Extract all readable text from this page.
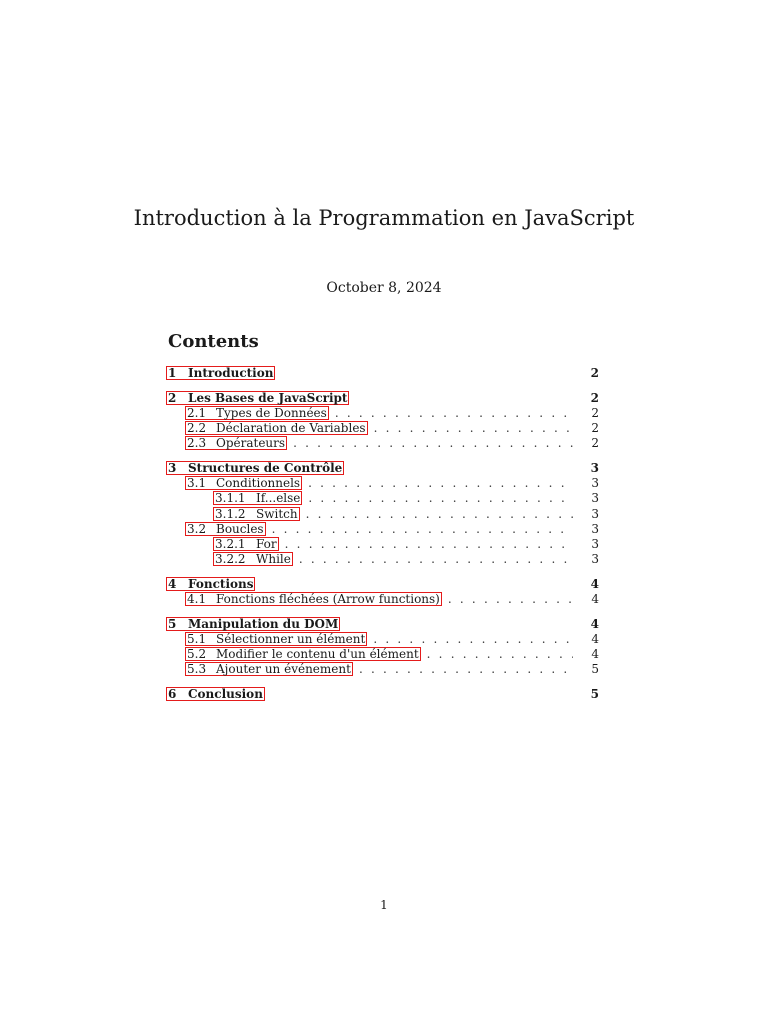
Introduction à la Programmation en JavaScript
October 8, 2024
Contents
1 Introduction	2
2 Les Bases de JavaScript	2
2.1 Types de Données . . .	2
2.2 Déclaration de Variables . . .	2
2.3 Opérateurs . . .	2
3 Structures de Contrôle	3
3.1 Conditionnels . . .	3
3.1.1 If...else . . .	3
3.1.2 Switch . . .	3
3.2 Boucles . . .	3
3.2.1 For . . .	3
3.2.2 While . . .	3
4 Fonctions	4
4.1 Fonctions fléchées (Arrow functions) . . .	4
5 Manipulation du DOM	4
5.1 Sélectionner un élément . . .	4
5.2 Modifier le contenu d'un élément . . .	4
5.3 Ajouter un événement . . .	5
6 Conclusion	5
1
